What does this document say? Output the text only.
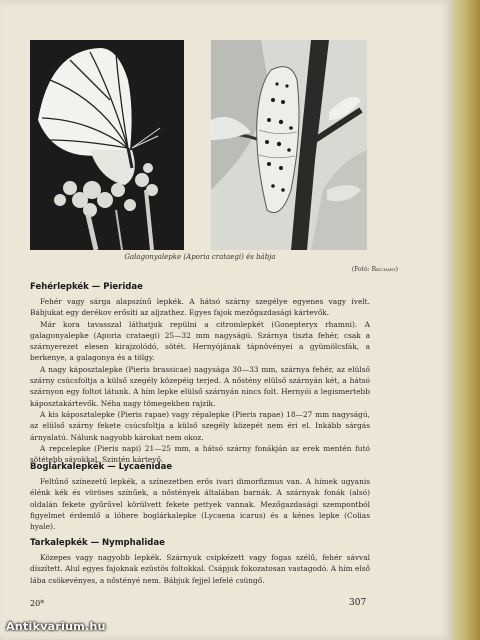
Galagonyalepke (Aporia crataegi) és bábja
(Fotó: Reichart)
Fehérlepkék — Pieridae

Fehér vagy sárga alapszínű lepkék. A hátsó szárny szegélye egyenes vagy ívelt. Bábjukat egy derékov erősíti az aljzathez. Egyes fajok mezőgazdasági kártevők.

Már kora tavasszal láthatjuk repülni a citromlepkét (Gonepteryx rhamni). A galagonyalepke (Aporia crataegi) 25—32 mm nagyságú. Szárnya tiszta fehér, csak a szárnyerezet elesen kirajzolódó, sötét. Hernyójának tápnövényei a gyümölcsfák, a berkenye, a galagonya és a tölgy.

A nagy káposztalepke (Pieris brassicae) nagysága 30—33 mm, szárnya fehér, az elülső szárny csúcsfoltja a külső szegély közepéig terjed. A nőstény elülső szárnyán két, a hátsó szárnyon egy foltot látunk. A hím lepke elülső szárnyán nincs folt. Hernyói a legismertebb káposztakártevők. Néha nagy tömegekben rajzik.

A kis káposztalepke (Pieris rapae) vagy répalepke (Pieris rapae) 18—27 mm nagyságú, az elülső szárny fekete csúcsfoltja a külső szegély közepét nem éri el. Inkább sárgás árnyalatú. Nálunk nagyobb károkat nem okoz.

A repcelepke (Pieris napi) 21—25 mm, a hátsó szárny fonákján az erek mentén futó sötétebb sávokkal. Szintén kártevő.

Boglárkalepkék — Lycaenidae

Feltűnő színezetű lepkék, a színezetben erős ivari dimorfizmus van. A hímek ugyanis élénk kék és vöröses színűek, a nőstények általában barnák. A szárnyak fonák (alsó) oldalán fekete gyűrűvel körülvett fekete pettyek vannak. Mezőgazdasági szempontból figyelmet érdemlő a lóhere boglárkalepke (Lycaena icarus) és a kénes lepke (Colias hyale).

Tarkalepkék — Nymphalidae

Közepes vagy nagyobb lepkék. Szárnyuk csipkézett vagy fogas szélű, fehér sávval díszített. Alul egyes fajoknak ezüstös foltokkal. Csápjuk fokozatosan vastagodó. A hím első lába csökevényes, a nőstényé nem. Bábjuk fejjel lefelé csüngő.

20*	307
Antikvarium.hu
